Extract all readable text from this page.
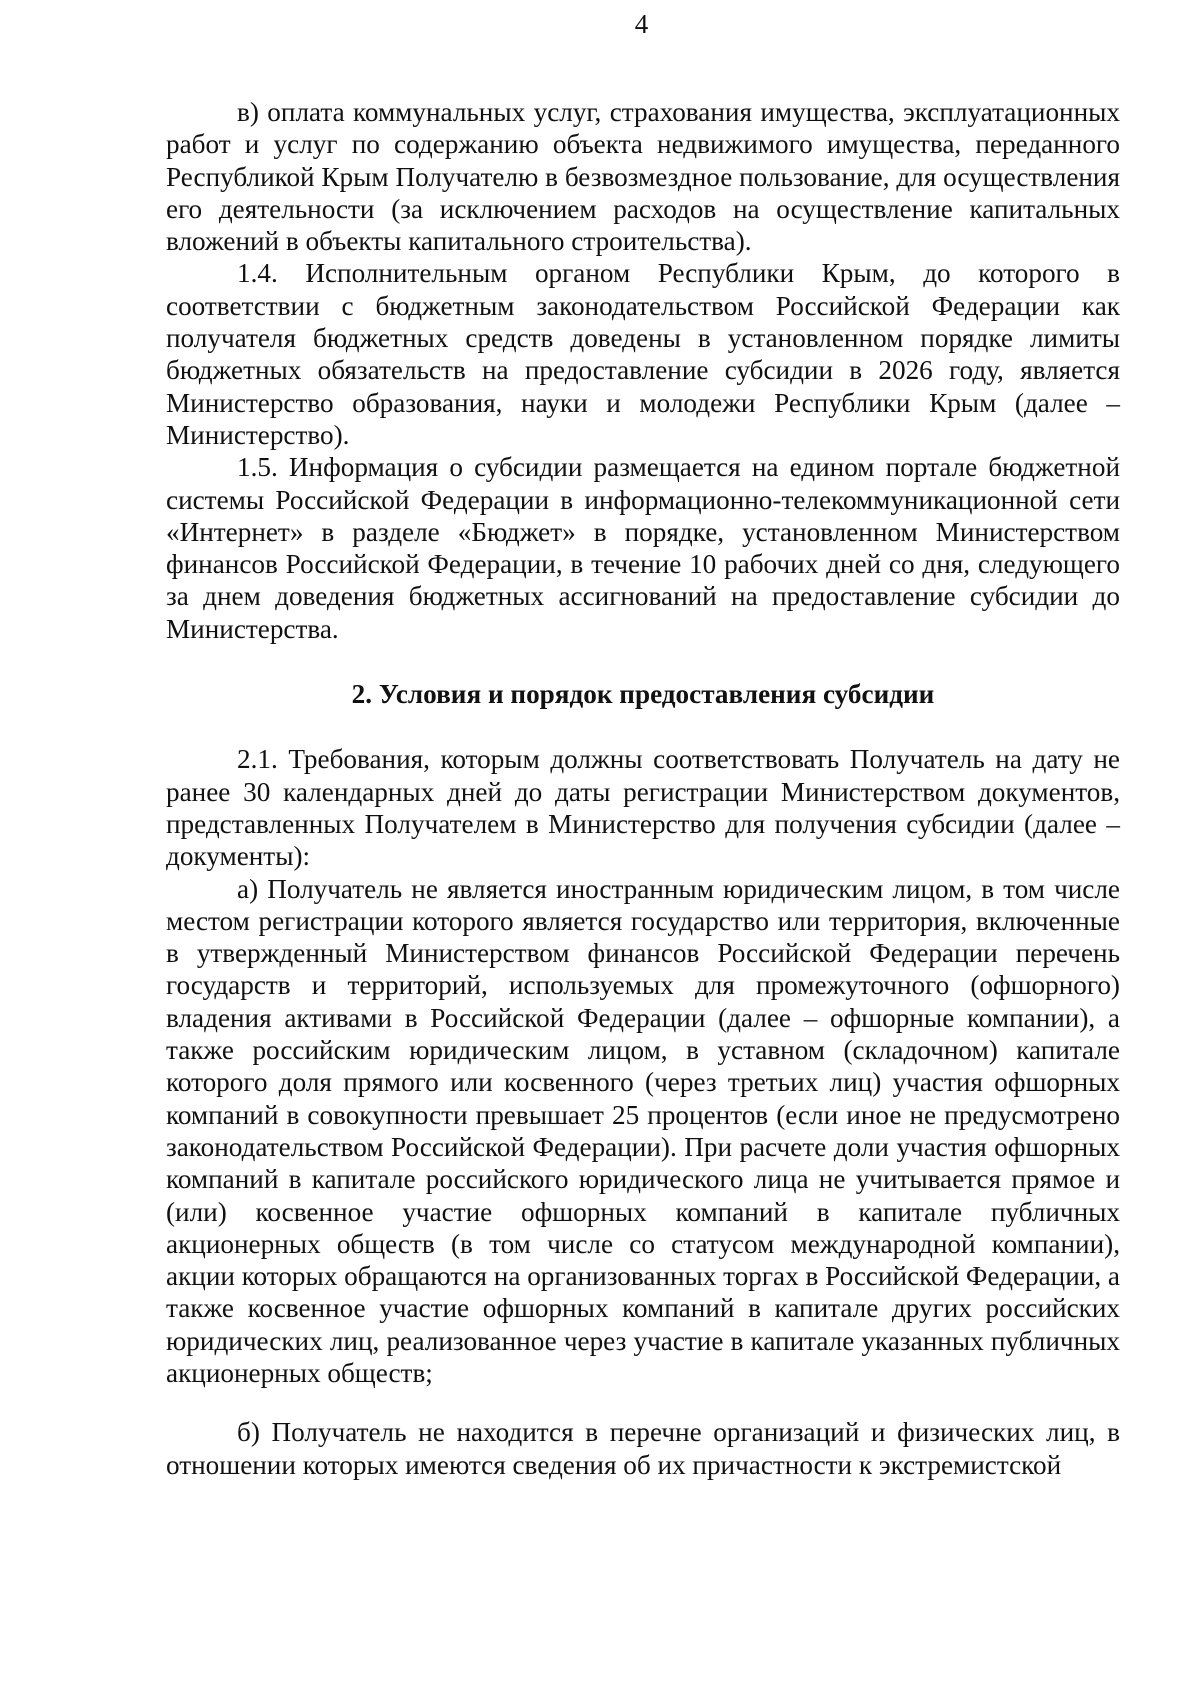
4

в) оплата коммунальных услуг, страхования имущества, эксплуатационных работ и услуг по содержанию объекта недвижимого имущества, переданного Республикой Крым Получателю в безвозмездное пользование, для осуществления его деятельности (за исключением расходов на осуществление капитальных вложений в объекты капитального строительства).

1.4. Исполнительным органом Республики Крым, до которого в соответствии с бюджетным законодательством Российской Федерации как получателя бюджетных средств доведены в установленном порядке лимиты бюджетных обязательств на предоставление субсидии в 2026 году, является Министерство образования, науки и молодежи Республики Крым (далее – Министерство).

1.5. Информация о субсидии размещается на едином портале бюджетной системы Российской Федерации в информационно-телекоммуникационной сети «Интернет» в разделе «Бюджет» в порядке, установленном Министерством финансов Российской Федерации, в течение 10 рабочих дней со дня, следующего за днем доведения бюджетных ассигнований на предоставление субсидии до Министерства.

2. Условия и порядок предоставления субсидии

2.1. Требования, которым должны соответствовать Получатель на дату не ранее 30 календарных дней до даты регистрации Министерством документов, представленных Получателем в Министерство для получения субсидии (далее – документы):

а) Получатель не является иностранным юридическим лицом, в том числе местом регистрации которого является государство или территория, включенные в утвержденный Министерством финансов Российской Федерации перечень государств и территорий, используемых для промежуточного (офшорного) владения активами в Российской Федерации (далее – офшорные компании), а также российским юридическим лицом, в уставном (складочном) капитале которого доля прямого или косвенного (через третьих лиц) участия офшорных компаний в совокупности превышает 25 процентов (если иное не предусмотрено законодательством Российской Федерации). При расчете доли участия офшорных компаний в капитале российского юридического лица не учитывается прямое и (или) косвенное участие офшорных компаний в капитале публичных акционерных обществ (в том числе со статусом международной компании), акции которых обращаются на организованных торгах в Российской Федерации, а также косвенное участие офшорных компаний в капитале других российских юридических лиц, реализованное через участие в капитале указанных публичных акционерных обществ;

б) Получатель не находится в перечне организаций и физических лиц, в отношении которых имеются сведения об их причастности к экстремистской
